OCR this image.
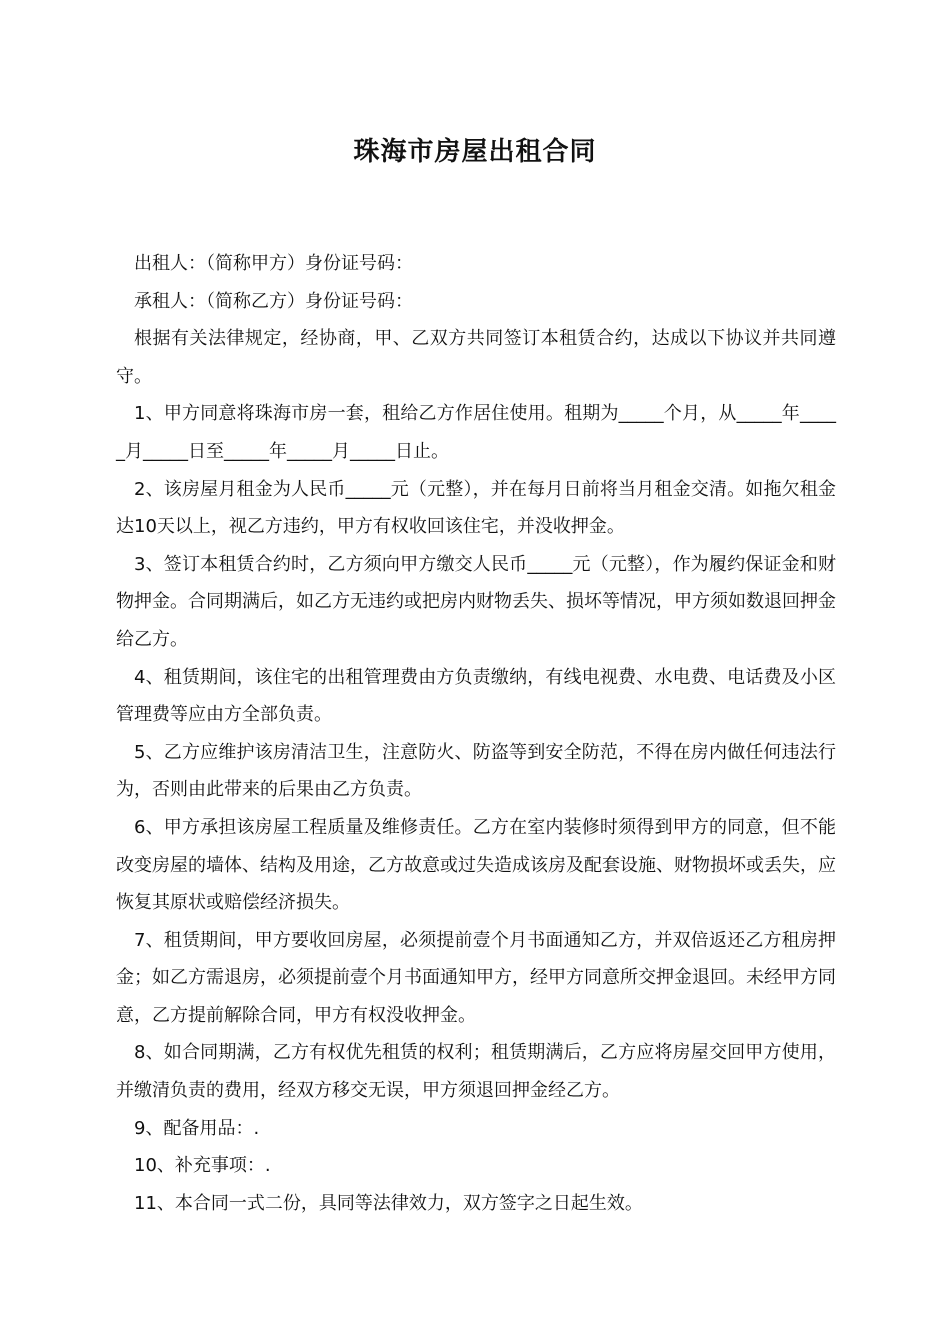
珠海市房屋出租合同

出租人：（简称甲方）身份证号码：

承租人：（简称乙方）身份证号码：

根据有关法律规定，经协商，甲、乙双方共同签订本租赁合约，达成以下协议并共同遵守。

1、甲方同意将珠海市房一套，租给乙方作居住使用。租期为_____个月，从_____年_____月_____日至_____年_____月_____日止。

2、该房屋月租金为人民币_____元（元整），并在每月日前将当月租金交清。如拖欠租金达10天以上，视乙方违约，甲方有权收回该住宅，并没收押金。

3、签订本租赁合约时，乙方须向甲方缴交人民币_____元（元整），作为履约保证金和财物押金。合同期满后，如乙方无违约或把房内财物丢失、损坏等情况，甲方须如数退回押金给乙方。

4、租赁期间，该住宅的出租管理费由方负责缴纳，有线电视费、水电费、电话费及小区管理费等应由方全部负责。

5、乙方应维护该房清洁卫生，注意防火、防盗等到安全防范，不得在房内做任何违法行为，否则由此带来的后果由乙方负责。

6、甲方承担该房屋工程质量及维修责任。乙方在室内装修时须得到甲方的同意，但不能改变房屋的墙体、结构及用途，乙方故意或过失造成该房及配套设施、财物损坏或丢失，应恢复其原状或赔偿经济损失。

7、租赁期间，甲方要收回房屋，必须提前壹个月书面通知乙方，并双倍返还乙方租房押金；如乙方需退房，必须提前壹个月书面通知甲方，经甲方同意所交押金退回。未经甲方同意，乙方提前解除合同，甲方有权没收押金。

8、如合同期满，乙方有权优先租赁的权利；租赁期满后，乙方应将房屋交回甲方使用，并缴清负责的费用，经双方移交无误，甲方须退回押金经乙方。

9、配备用品：.

10、补充事项：.

11、本合同一式二份，具同等法律效力，双方签字之日起生效。
